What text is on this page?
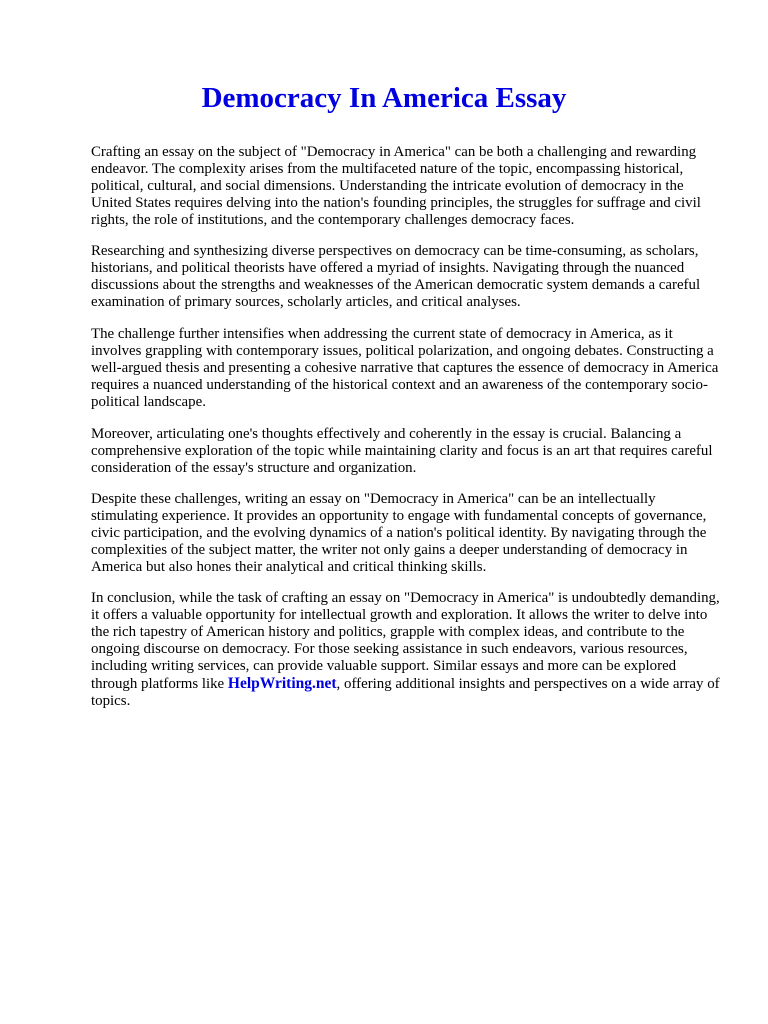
Democracy In America Essay

Crafting an essay on the subject of "Democracy in America" can be both a challenging and rewarding endeavor. The complexity arises from the multifaceted nature of the topic, encompassing historical, political, cultural, and social dimensions. Understanding the intricate evolution of democracy in the United States requires delving into the nation's founding principles, the struggles for suffrage and civil rights, the role of institutions, and the contemporary challenges democracy faces.

Researching and synthesizing diverse perspectives on democracy can be time-consuming, as scholars, historians, and political theorists have offered a myriad of insights. Navigating through the nuanced discussions about the strengths and weaknesses of the American democratic system demands a careful examination of primary sources, scholarly articles, and critical analyses.

The challenge further intensifies when addressing the current state of democracy in America, as it involves grappling with contemporary issues, political polarization, and ongoing debates. Constructing a well-argued thesis and presenting a cohesive narrative that captures the essence of democracy in America requires a nuanced understanding of the historical context and an awareness of the contemporary socio-political landscape.

Moreover, articulating one's thoughts effectively and coherently in the essay is crucial. Balancing a comprehensive exploration of the topic while maintaining clarity and focus is an art that requires careful consideration of the essay's structure and organization.

Despite these challenges, writing an essay on "Democracy in America" can be an intellectually stimulating experience. It provides an opportunity to engage with fundamental concepts of governance, civic participation, and the evolving dynamics of a nation's political identity. By navigating through the complexities of the subject matter, the writer not only gains a deeper understanding of democracy in America but also hones their analytical and critical thinking skills.

In conclusion, while the task of crafting an essay on "Democracy in America" is undoubtedly demanding, it offers a valuable opportunity for intellectual growth and exploration. It allows the writer to delve into the rich tapestry of American history and politics, grapple with complex ideas, and contribute to the ongoing discourse on democracy. For those seeking assistance in such endeavors, various resources, including writing services, can provide valuable support. Similar essays and more can be explored through platforms like HelpWriting.net, offering additional insights and perspectives on a wide array of topics.
